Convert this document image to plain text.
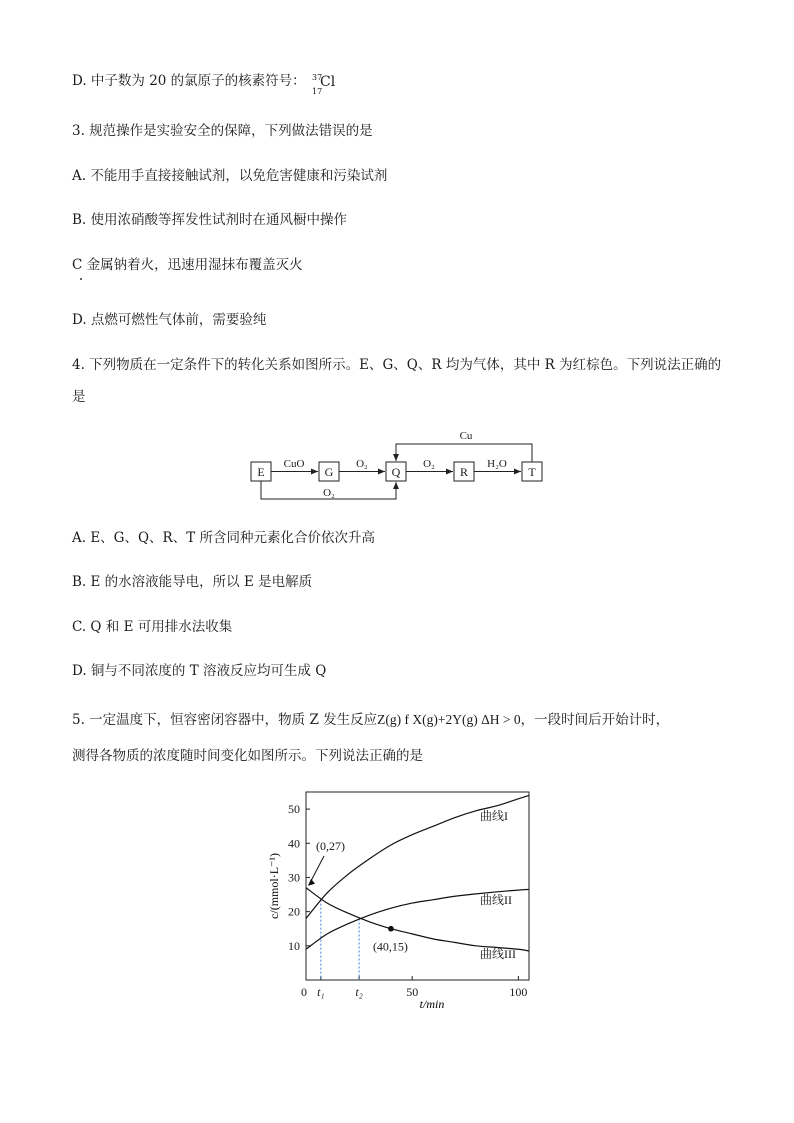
D. 中子数为 20 的氯原子的核素符号： 37
17
Cl
3. 规范操作是实验安全的保障，下列做法错误的是
A. 不能用手直接接触试剂，以免危害健康和污染试剂
B. 使用浓硝酸等挥发性试剂时在通风橱中操作
C 金属钠着火，迅速用湿抹布覆盖灭火
D. 点燃可燃性气体前，需要验纯
4. 下列物质在一定条件下的转化关系如图所示。E、G、Q、R 均为气体，其中 R 为红棕色。下列说法正确的是
E	G	Q	R	T
CuO	O₂	O₂	H₂O
Cu
O₂
A. E、G、Q、R、T 所含同种元素化合价依次升高
B. E 的水溶液能导电，所以 E 是电解质
C. Q 和 E 可用排水法收集
D. 铜与不同浓度的 T 溶液反应均可生成 Q
5. 一定温度下，恒容密闭容器中，物质 Z 发生反应Z(g) f X(g)+2Y(g) ΔH > 0，一段时间后开始计时，
测得各物质的浓度随时间变化如图所示。下列说法正确的是
10
20
30
40
50
0 t₁	t₂	50	100
曲线I
曲线II
曲线III
(0,27)
(40,15)
t/min
c/(mmol·L⁻¹)
